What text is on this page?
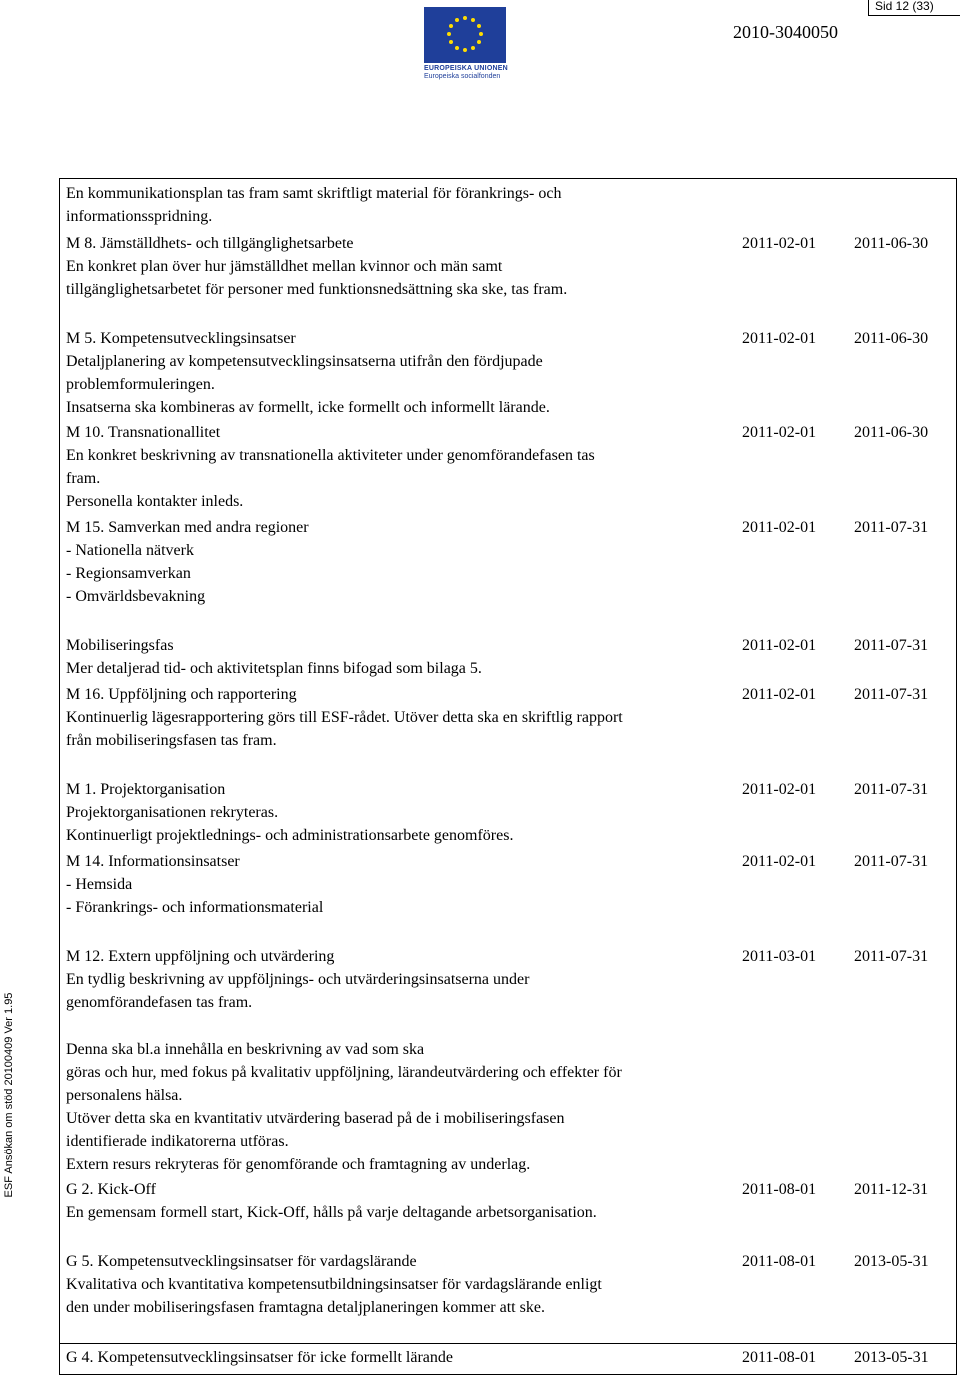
Sid 12 (33)
EUROPEISKA UNIONEN
Europeiska socialfonden
2010-3040050
ESF Ansökan om stöd 20100409 Ver 1.95
En kommunikationsplan tas fram samt skriftligt material för förankrings- och
informationsspridning.
M 8. Jämställdhets- och tillgänglighetsarbete
En konkret plan över hur jämställdhet mellan kvinnor och män samt
tillgänglighetsarbetet för personer med funktionsnedsättning ska ske, tas fram.
2011-02-01 2011-06-30
M 5. Kompetensutvecklingsinsatser
Detaljplanering av kompetensutvecklingsinsatserna utifrån den fördjupade
problemformuleringen.
Insatserna ska kombineras av formellt, icke formellt och informellt lärande.
2011-02-01 2011-06-30
M 10. Transnationallitet
En konkret beskrivning av transnationella aktiviteter under genomförandefasen tas
fram.
Personella kontakter inleds.
2011-02-01 2011-06-30
M 15. Samverkan med andra regioner
- Nationella nätverk
- Regionsamverkan
- Omvärldsbevakning
2011-02-01 2011-07-31
Mobiliseringsfas
Mer detaljerad tid- och aktivitetsplan finns bifogad som bilaga 5.
2011-02-01 2011-07-31
M 16. Uppföljning och rapportering
Kontinuerlig lägesrapportering görs till ESF-rådet. Utöver detta ska en skriftlig rapport
från mobiliseringsfasen tas fram.
2011-02-01 2011-07-31
M 1. Projektorganisation
Projektorganisationen rekryteras.
Kontinuerligt projektlednings- och administrationsarbete genomföres.
2011-02-01 2011-07-31
M 14. Informationsinsatser
- Hemsida
- Förankrings- och informationsmaterial
2011-02-01 2011-07-31
M 12. Extern uppföljning och utvärdering
En tydlig beskrivning av uppföljnings- och utvärderingsinsatserna under
genomförandefasen tas fram.
2011-03-01 2011-07-31
Denna ska bl.a innehålla en beskrivning av vad som ska
göras och hur, med fokus på kvalitativ uppföljning, lärandeutvärdering och effekter för
personalens hälsa.
Utöver detta ska en kvantitativ utvärdering baserad på de i mobiliseringsfasen
identifierade indikatorerna utföras.
Extern resurs rekryteras för genomförande och framtagning av underlag.
G 2. Kick-Off
En gemensam formell start, Kick-Off, hålls på varje deltagande arbetsorganisation.
2011-08-01 2011-12-31
G 5. Kompetensutvecklingsinsatser för vardagslärande
Kvalitativa och kvantitativa kompetensutbildningsinsatser för vardagslärande enligt
den under mobiliseringsfasen framtagna detaljplaneringen kommer att ske.
2011-08-01 2013-05-31
G 4. Kompetensutvecklingsinsatser för icke formellt lärande	2011-08-01 2013-05-31
